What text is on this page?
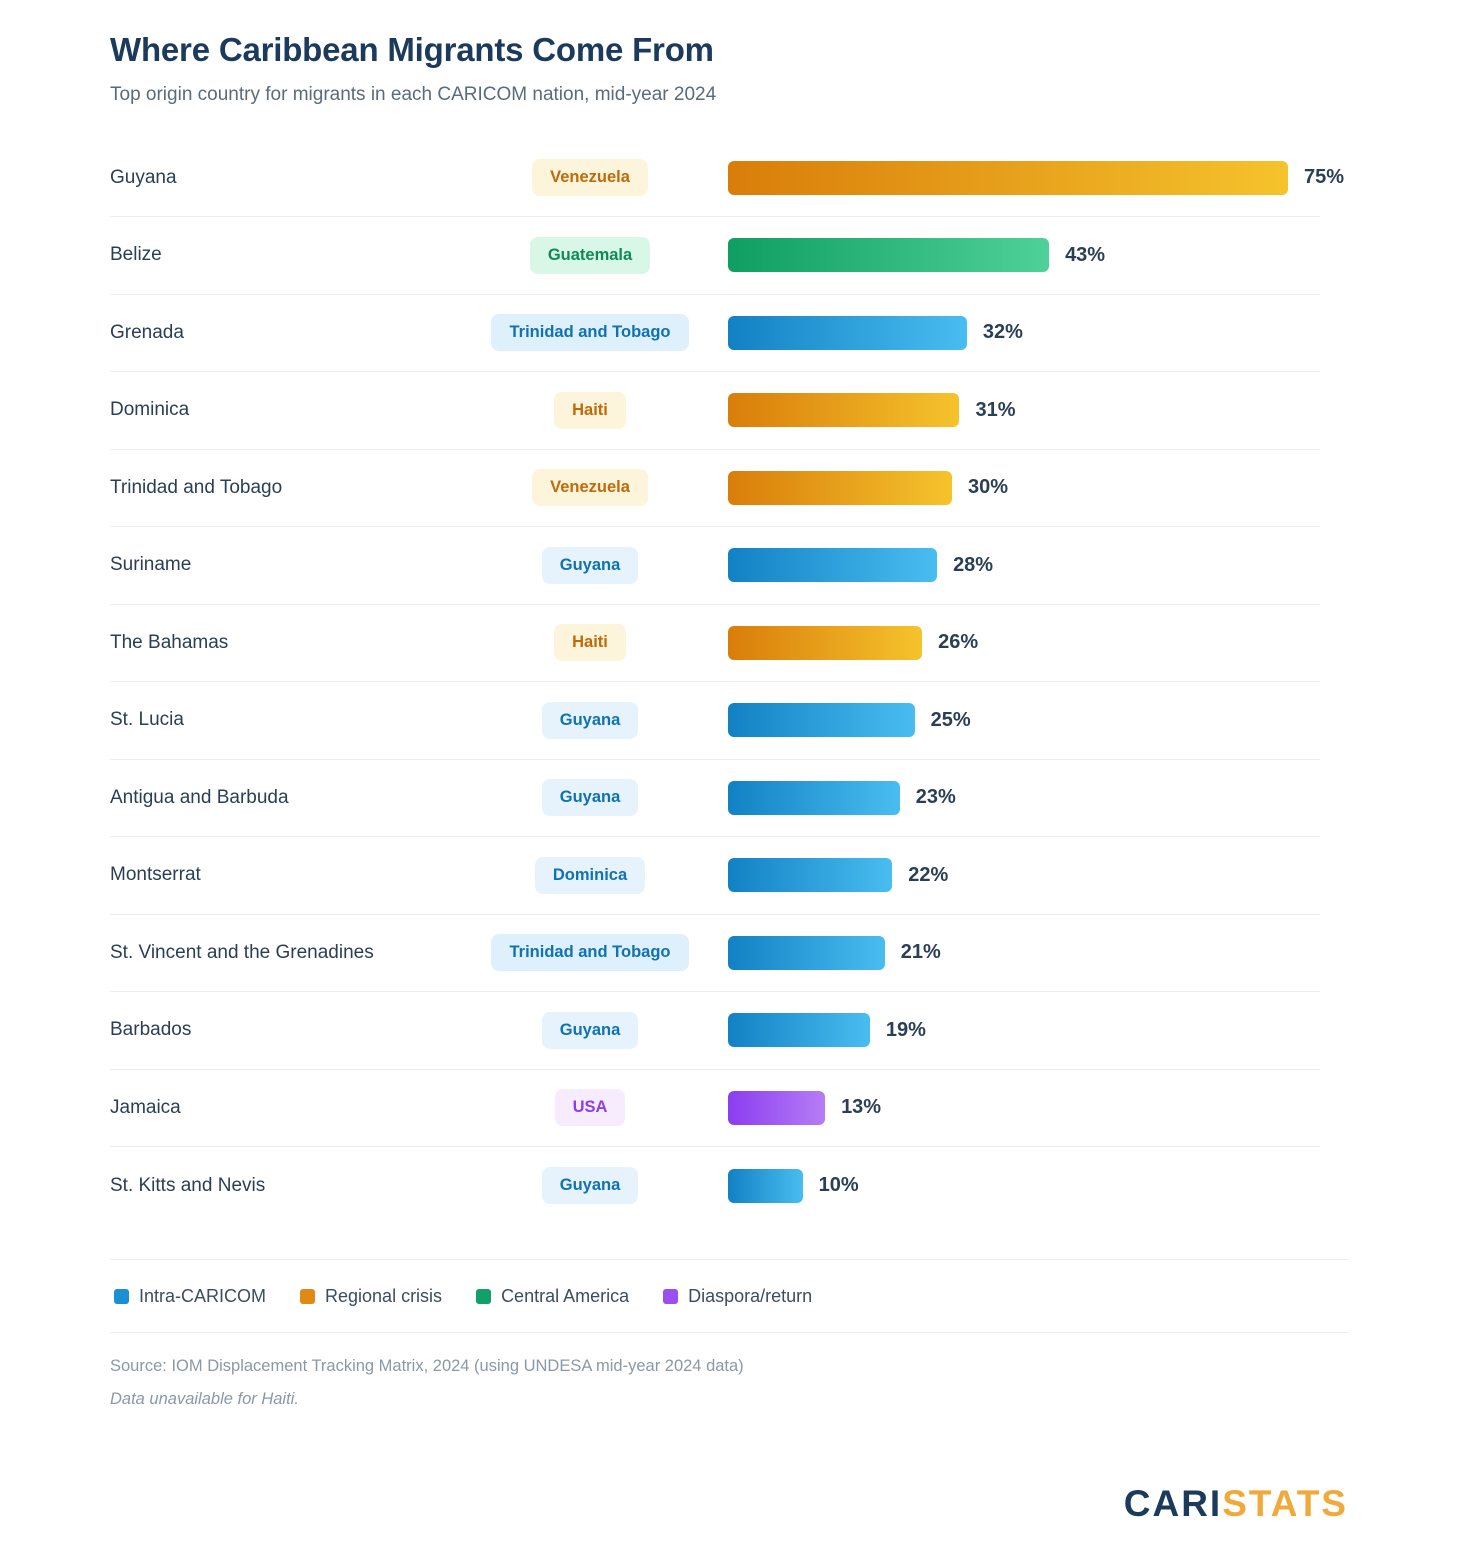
Where Caribbean Migrants Come From
Top origin country for migrants in each CARICOM nation, mid-year 2024
Guyana	Venezuela	75%
Belize	Guatemala	43%
Grenada	Trinidad and Tobago	32%
Dominica	Haiti	31%
Trinidad and Tobago	Venezuela	30%
Suriname	Guyana	28%
The Bahamas	Haiti	26%
St. Lucia	Guyana	25%
Antigua and Barbuda	Guyana	23%
Montserrat	Dominica	22%
St. Vincent and the Grenadines	Trinidad and Tobago	21%
Barbados	Guyana	19%
Jamaica	USA	13%
St. Kitts and Nevis	Guyana	10%
Intra-CARICOM	Regional crisis	Central America	Diaspora/return
Source: IOM Displacement Tracking Matrix, 2024 (using UNDESA mid-year 2024 data)
Data unavailable for Haiti.
CARISTATS
